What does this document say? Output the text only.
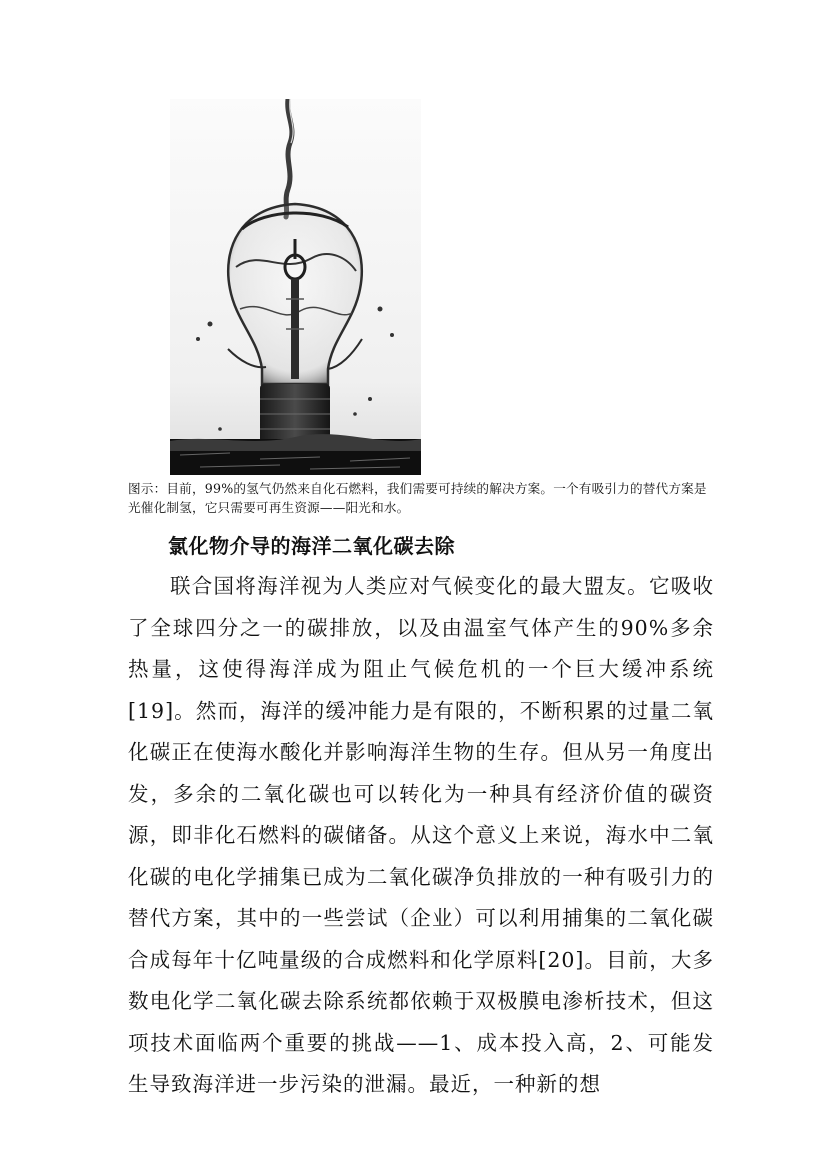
图示：目前，99%的氢气仍然来自化石燃料，我们需要可持续的解决方案。一个有吸引力的替代方案是光催化制氢，它只需要可再生资源——阳光和水。
氯化物介导的海洋二氧化碳去除
联合国将海洋视为人类应对气候变化的最大盟友。它吸收了全球四分之一的碳排放，以及由温室气体产生的90%多余热量，这使得海洋成为阻止气候危机的一个巨大缓冲系统[19]。然而，海洋的缓冲能力是有限的，不断积累的过量二氧化碳正在使海水酸化并影响海洋生物的生存。但从另一角度出发，多余的二氧化碳也可以转化为一种具有经济价值的碳资源，即非化石燃料的碳储备。从这个意义上来说，海水中二氧化碳的电化学捕集已成为二氧化碳净负排放的一种有吸引力的替代方案，其中的一些尝试（企业）可以利用捕集的二氧化碳合成每年十亿吨量级的合成燃料和化学原料[20]。目前，大多数电化学二氧化碳去除系统都依赖于双极膜电渗析技术，但这项技术面临两个重要的挑战——1、成本投入高，2、可能发生导致海洋进一步污染的泄漏。最近，一种新的想
